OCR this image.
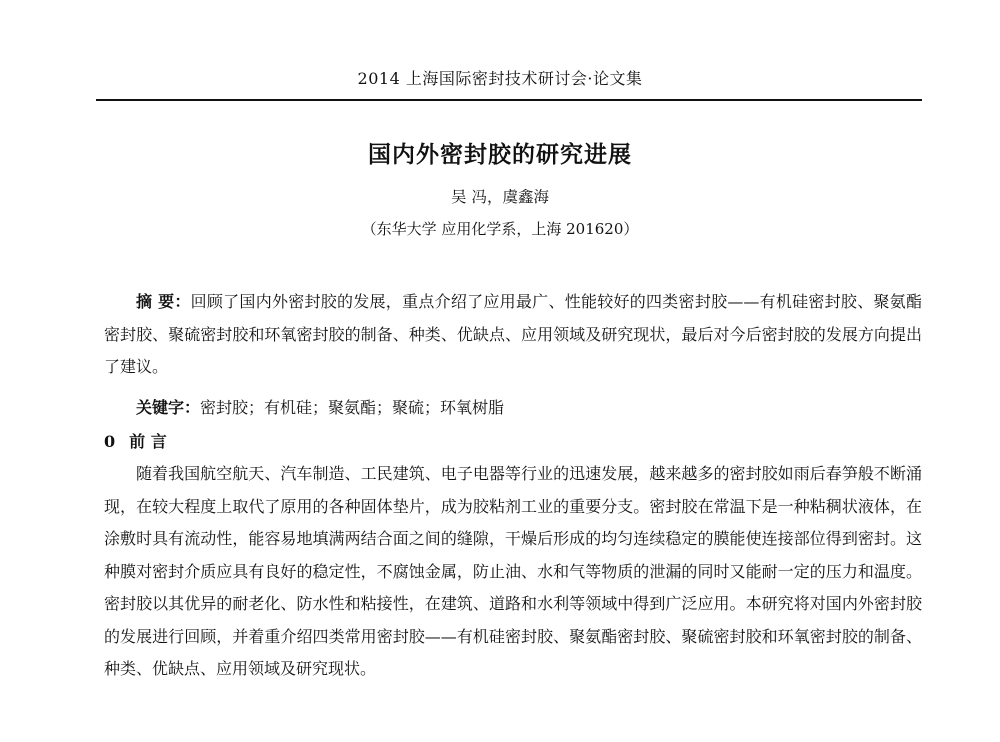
2014 上海国际密封技术研讨会·论文集
国内外密封胶的研究进展
吴 冯，虞鑫海
（东华大学 应用化学系，上海 201620）

摘 要：回顾了国内外密封胶的发展，重点介绍了应用最广、性能较好的四类密封胶——有机硅密封胶、聚氨酯密封胶、聚硫密封胶和环氧密封胶的制备、种类、优缺点、应用领域及研究现状，最后对今后密封胶的发展方向提出了建议。

关键字：密封胶；有机硅；聚氨酯；聚硫；环氧树脂

0 前 言

随着我国航空航天、汽车制造、工民建筑、电子电器等行业的迅速发展，越来越多的密封胶如雨后春笋般不断涌现，在较大程度上取代了原用的各种固体垫片，成为胶粘剂工业的重要分支。密封胶在常温下是一种粘稠状液体，在涂敷时具有流动性，能容易地填满两结合面之间的缝隙，干燥后形成的均匀连续稳定的膜能使连接部位得到密封。这种膜对密封介质应具有良好的稳定性，不腐蚀金属，防止油、水和气等物质的泄漏的同时又能耐一定的压力和温度。密封胶以其优异的耐老化、防水性和粘接性，在建筑、道路和水利等领域中得到广泛应用。本研究将对国内外密封胶的发展进行回顾，并着重介绍四类常用密封胶——有机硅密封胶、聚氨酯密封胶、聚硫密封胶和环氧密封胶的制备、种类、优缺点、应用领域及研究现状。
